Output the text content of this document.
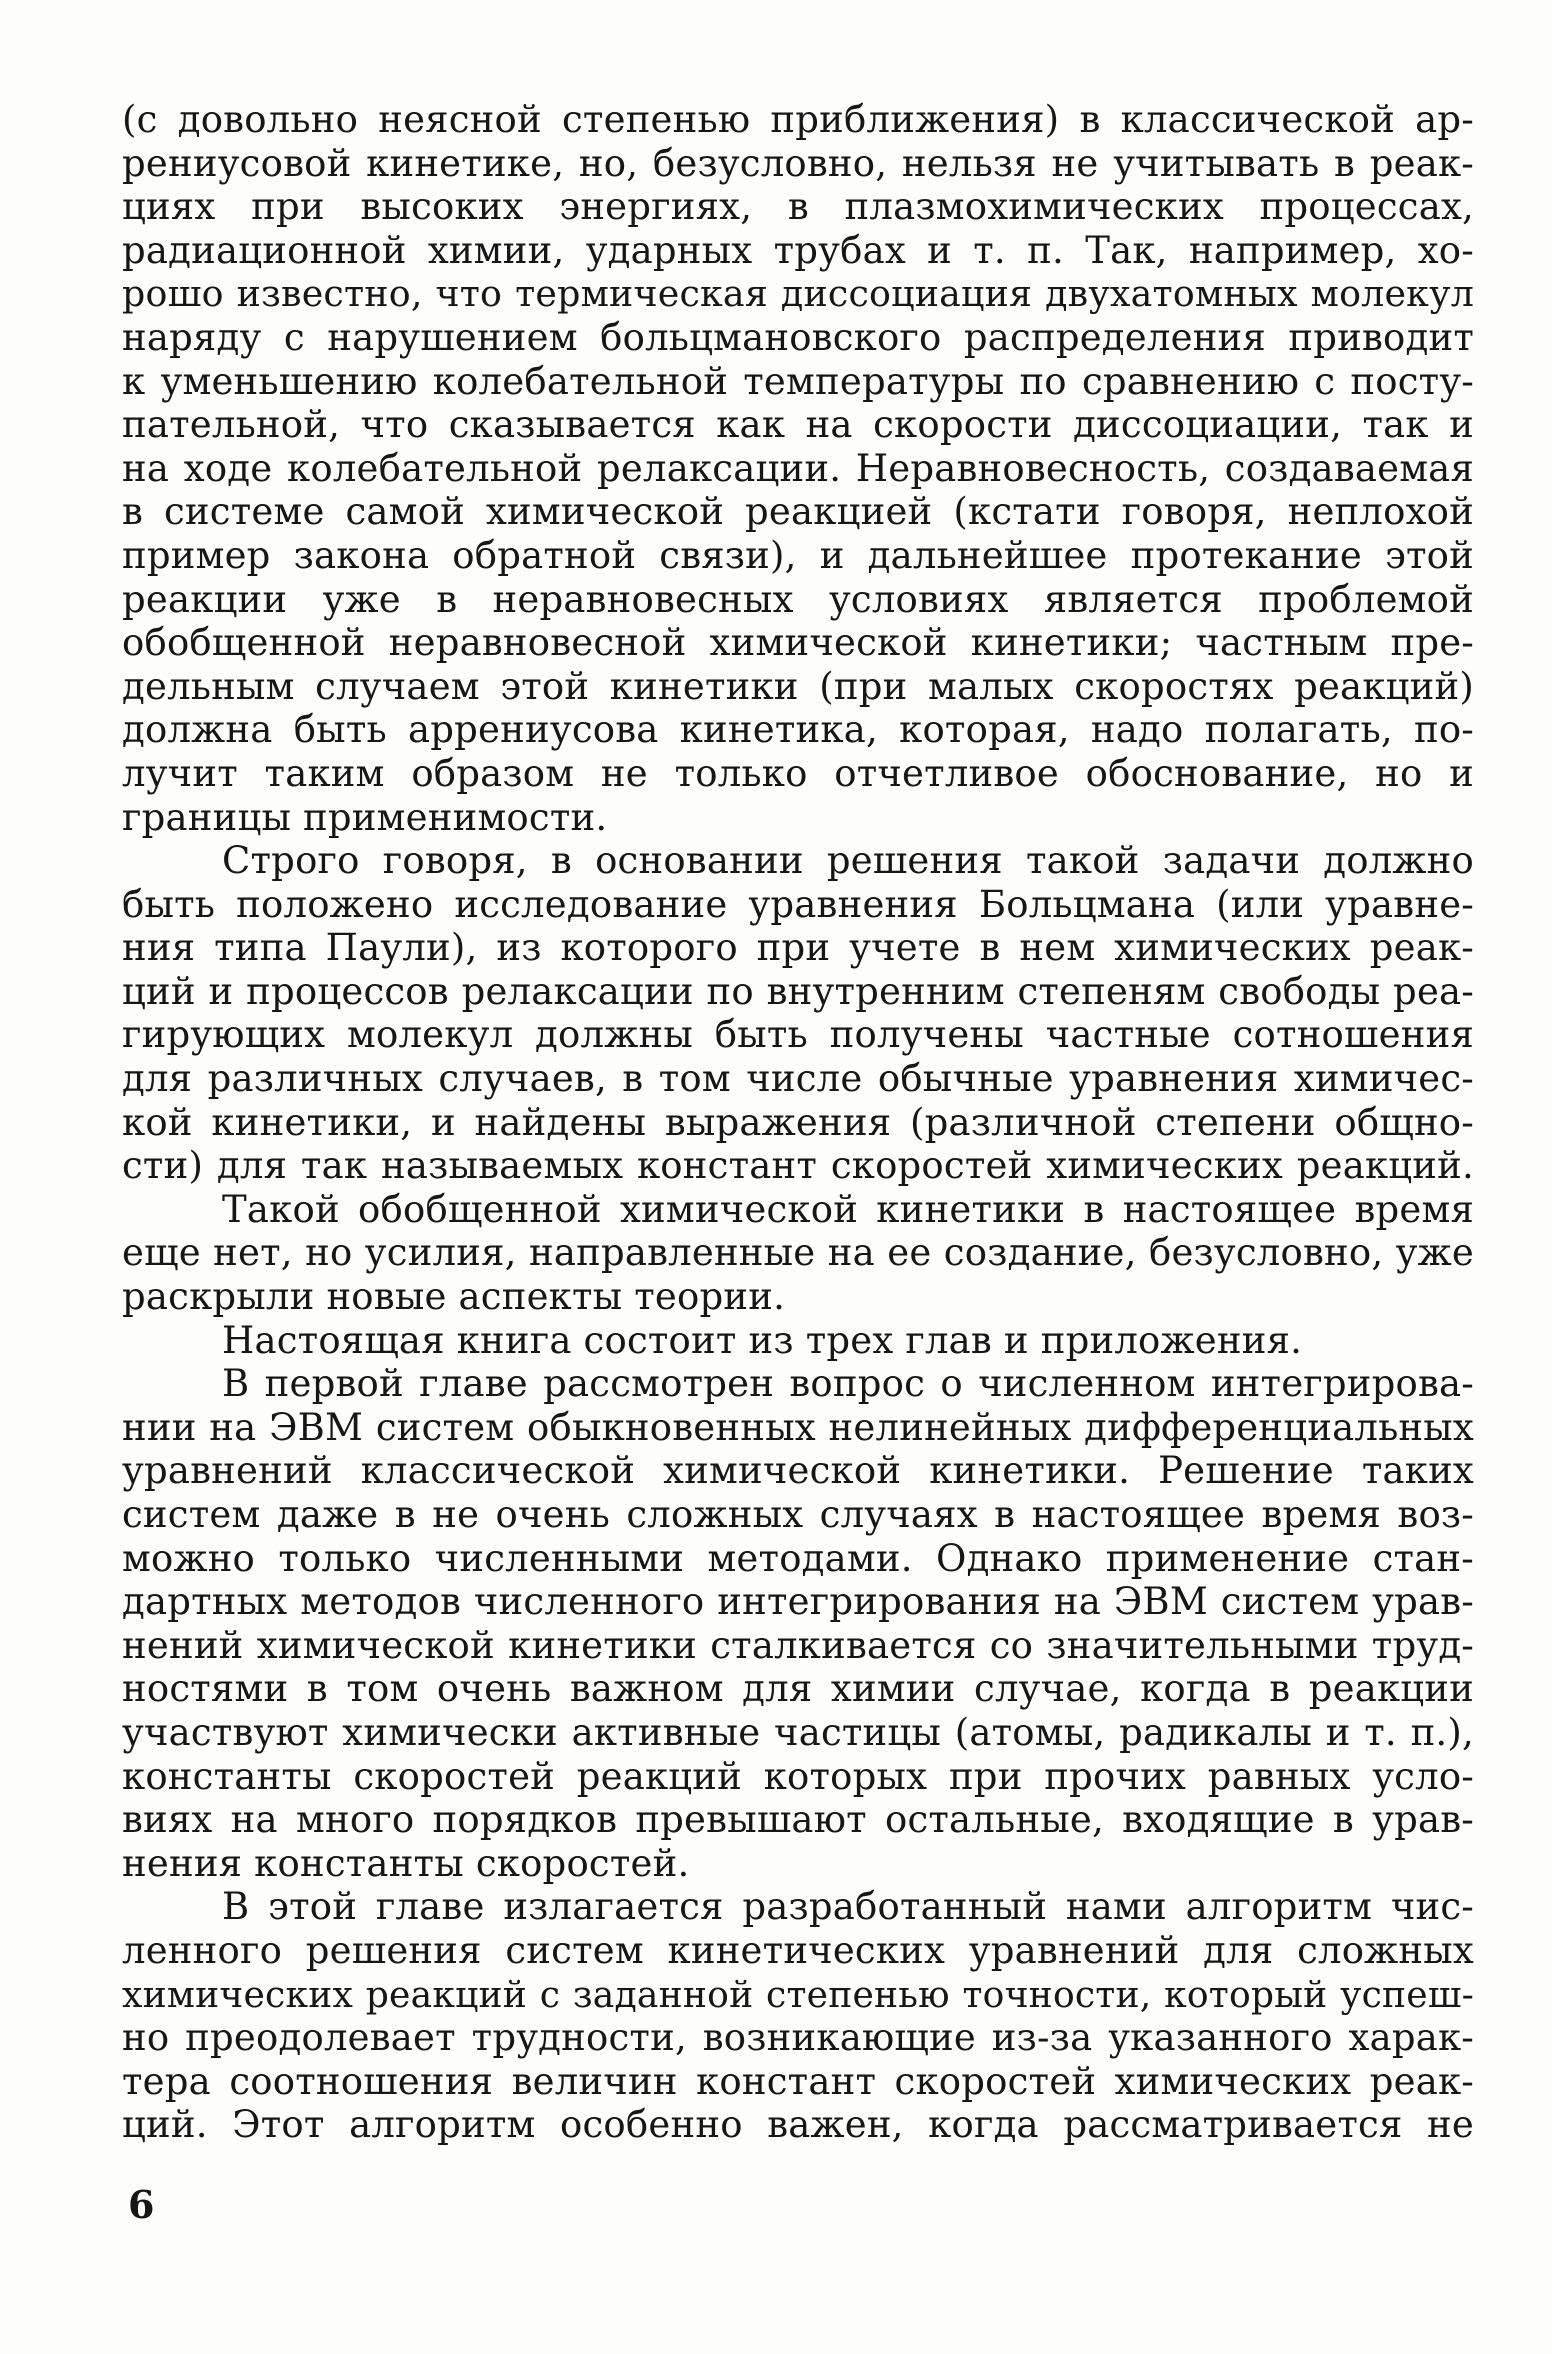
(с довольно неясной степенью приближения) в классической ар-
рениусовой кинетике, но, безусловно, нельзя не учитывать в реак-
циях при высоких энергиях, в плазмохимических процессах,
радиационной химии, ударных трубах и т. п. Так, например, хо-
рошо известно, что термическая диссоциация двухатомных молекул
наряду с нарушением больцмановского распределения приводит
к уменьшению колебательной температуры по сравнению с посту-
пательной, что сказывается как на скорости диссоциации, так и
на ходе колебательной релаксации. Неравновесность, создаваемая
в системе самой химической реакцией (кстати говоря, неплохой
пример закона обратной связи), и дальнейшее протекание этой
реакции уже в неравновесных условиях является проблемой
обобщенной неравновесной химической кинетики; частным пре-
дельным случаем этой кинетики (при малых скоростях реакций)
должна быть аррениусова кинетика, которая, надо полагать, по-
лучит таким образом не только отчетливое обоснование, но и
границы применимости.
Строго говоря, в основании решения такой задачи должно
быть положено исследование уравнения Больцмана (или уравне-
ния типа Паули), из которого при учете в нем химических реак-
ций и процессов релаксации по внутренним степеням свободы реа-
гирующих молекул должны быть получены частные сотношения
для различных случаев, в том числе обычные уравнения химичес-
кой кинетики, и найдены выражения (различной степени общно-
сти) для так называемых констант скоростей химических реакций.
Такой обобщенной химической кинетики в настоящее время
еще нет, но усилия, направленные на ее создание, безусловно, уже
раскрыли новые аспекты теории.
Настоящая книга состоит из трех глав и приложения.
В первой главе рассмотрен вопрос о численном интегрирова-
нии на ЭВМ систем обыкновенных нелинейных дифференциальных
уравнений классической химической кинетики. Решение таких
систем даже в не очень сложных случаях в настоящее время воз-
можно только численными методами. Однако применение стан-
дартных методов численного интегрирования на ЭВМ систем урав-
нений химической кинетики сталкивается со значительными труд-
ностями в том очень важном для химии случае, когда в реакции
участвуют химически активные частицы (атомы, радикалы и т. п.),
константы скоростей реакций которых при прочих равных усло-
виях на много порядков превышают остальные, входящие в урав-
нения константы скоростей.
В этой главе излагается разработанный нами алгоритм чис-
ленного решения систем кинетических уравнений для сложных
химических реакций с заданной степенью точности, который успеш-
но преодолевает трудности, возникающие из-за указанного харак-
тера соотношения величин констант скоростей химических реак-
ций. Этот алгоритм особенно важен, когда рассматривается не
6
